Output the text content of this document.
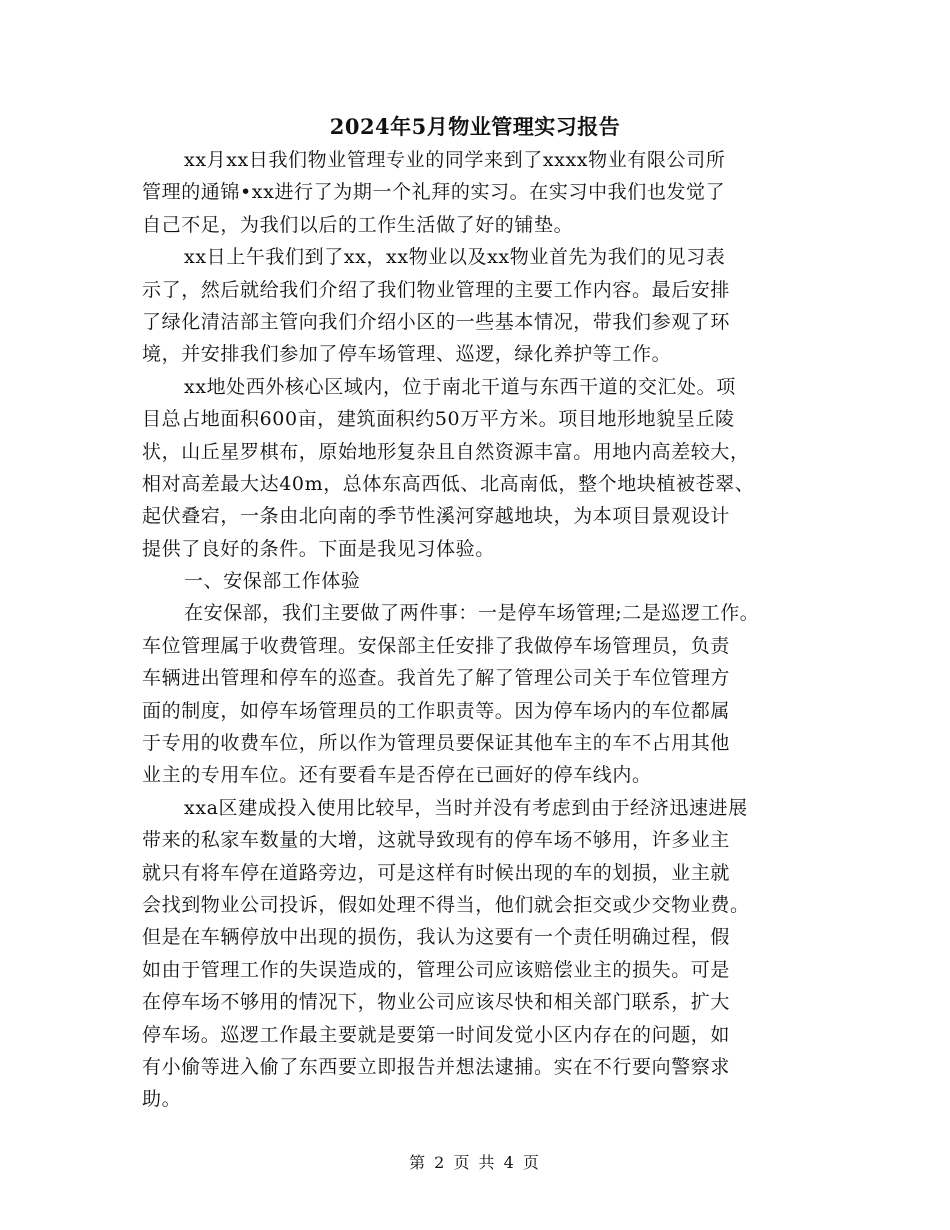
2024年5月物业管理实习报告
xx月xx日我们物业管理专业的同学来到了xxxx物业有限公司所
管理的通锦•xx进行了为期一个礼拜的实习。在实习中我们也发觉了
自己不足，为我们以后的工作生活做了好的铺垫。
xx日上午我们到了xx，xx物业以及xx物业首先为我们的见习表
示了，然后就给我们介绍了我们物业管理的主要工作内容。最后安排
了绿化清洁部主管向我们介绍小区的一些基本情况，带我们参观了环
境，并安排我们参加了停车场管理、巡逻，绿化养护等工作。
xx地处西外核心区域内，位于南北干道与东西干道的交汇处。项
目总占地面积600亩，建筑面积约50万平方米。项目地形地貌呈丘陵
状，山丘星罗棋布，原始地形复杂且自然资源丰富。用地内高差较大，
相对高差最大达40m，总体东高西低、北高南低，整个地块植被苍翠、
起伏叠宕，一条由北向南的季节性溪河穿越地块，为本项目景观设计
提供了良好的条件。下面是我见习体验。
一、安保部工作体验
在安保部，我们主要做了两件事：一是停车场管理;二是巡逻工作。
车位管理属于收费管理。安保部主任安排了我做停车场管理员，负责
车辆进出管理和停车的巡查。我首先了解了管理公司关于车位管理方
面的制度，如停车场管理员的工作职责等。因为停车场内的车位都属
于专用的收费车位，所以作为管理员要保证其他车主的车不占用其他
业主的专用车位。还有要看车是否停在已画好的停车线内。
xxa区建成投入使用比较早，当时并没有考虑到由于经济迅速进展
带来的私家车数量的大增，这就导致现有的停车场不够用，许多业主
就只有将车停在道路旁边，可是这样有时候出现的车的划损，业主就
会找到物业公司投诉，假如处理不得当，他们就会拒交或少交物业费。
但是在车辆停放中出现的损伤，我认为这要有一个责任明确过程，假
如由于管理工作的失误造成的，管理公司应该赔偿业主的损失。可是
在停车场不够用的情况下，物业公司应该尽快和相关部门联系，扩大
停车场。巡逻工作最主要就是要第一时间发觉小区内存在的问题，如
有小偷等进入偷了东西要立即报告并想法逮捕。实在不行要向警察求
助。
第 2 页 共 4 页
